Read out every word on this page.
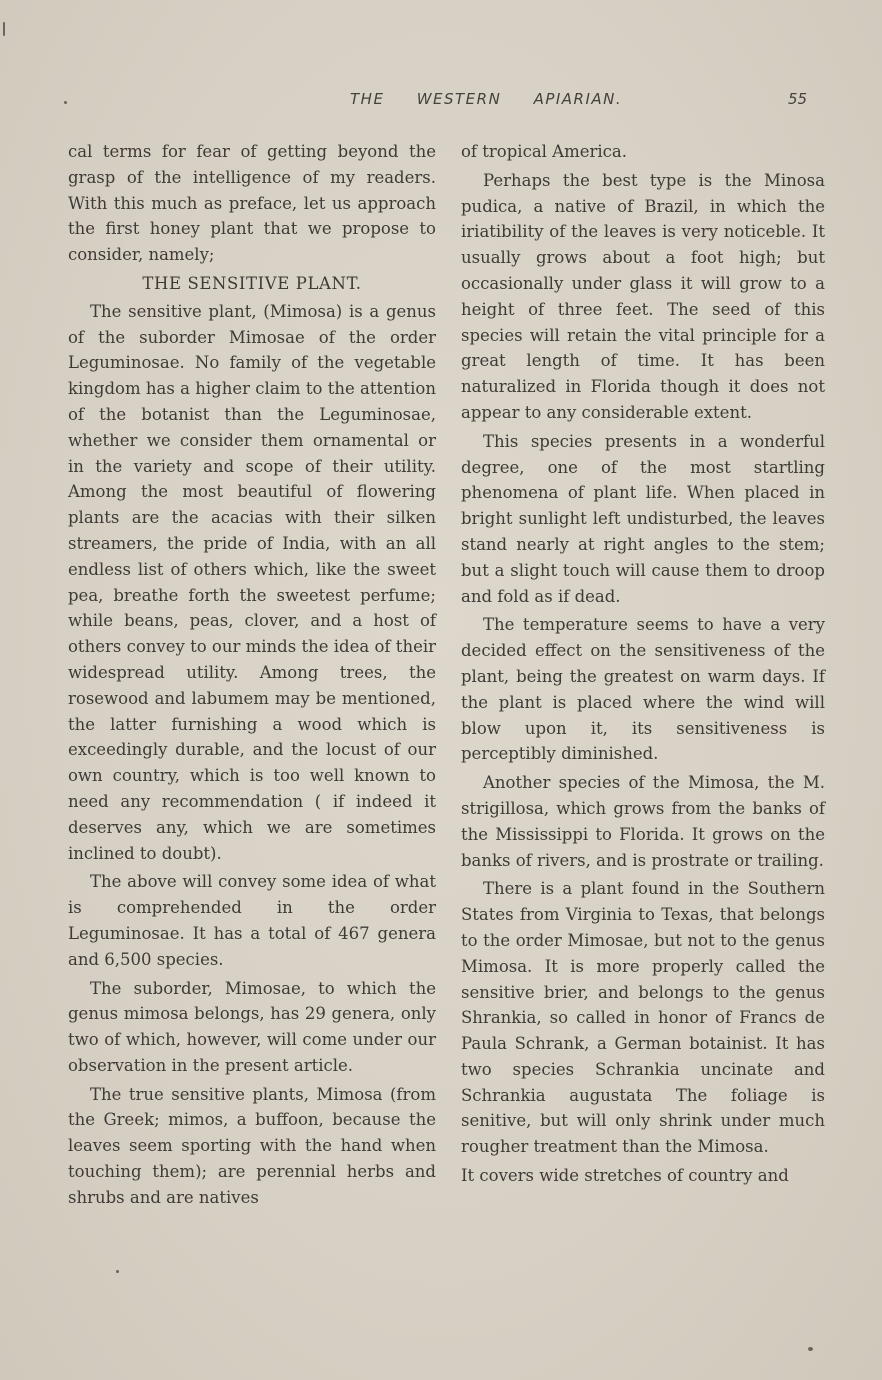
THE WESTERN APIARIAN.	55

cal terms for fear of getting beyond the grasp of the intelligence of my readers. With this much as preface, let us approach the first honey plant that we propose to consider, namely;

THE SENSITIVE PLANT.

The sensitive plant, (Mimosa) is a genus of the suborder Mimosae of the order Leguminosae. No family of the vegetable kingdom has a higher claim to the attention of the botanist than the Leguminosae, whether we consider them ornamental or in the variety and scope of their utility. Among the most beautiful of flowering plants are the acacias with their silken streamers, the pride of India, with an all endless list of others which, like the sweet pea, breathe forth the sweetest perfume; while beans, peas, clover, and a host of others convey to our minds the idea of their widespread utility. Among trees, the rosewood and labumem may be mentioned, the latter furnishing a wood which is exceedingly durable, and the locust of our own country, which is too well known to need any recommendation ( if indeed it deserves any, which we are sometimes inclined to doubt).

The above will convey some idea of what is comprehended in the order Leguminosae. It has a total of 467 genera and 6,500 species.

The suborder, Mimosae, to which the genus mimosa belongs, has 29 genera, only two of which, however, will come under our observation in the present article.

The true sensitive plants, Mimosa (from the Greek; mimos, a buffoon, because the leaves seem sporting with the hand when touching them); are perennial herbs and shrubs and are natives

of tropical America.

Perhaps the best type is the Minosa pudica, a native of Brazil, in which the iriatibility of the leaves is very noticeble. It usually grows about a foot high; but occasionally under glass it will grow to a height of three feet. The seed of this species will retain the vital principle for a great length of time. It has been naturalized in Florida though it does not appear to any considerable extent.

This species presents in a wonderful degree, one of the most startling phenomena of plant life. When placed in bright sunlight left undisturbed, the leaves stand nearly at right angles to the stem; but a slight touch will cause them to droop and fold as if dead.

The temperature seems to have a very decided effect on the sensitiveness of the plant, being the greatest on warm days. If the plant is placed where the wind will blow upon it, its sensitiveness is perceptibly diminished.

Another species of the Mimosa, the M. strigillosa, which grows from the banks of the Mississippi to Florida. It grows on the banks of rivers, and is prostrate or trailing.

There is a plant found in the Southern States from Virginia to Texas, that belongs to the order Mimosae, but not to the genus Mimosa. It is more properly called the sensitive brier, and belongs to the genus Shrankia, so called in honor of Francs de Paula Schrank, a German botainist. It has two species Schrankia uncinate and Schrankia augustata The foliage is senitive, but will only shrink under much rougher treatment than the Mimosa.

It covers wide stretches of country and
